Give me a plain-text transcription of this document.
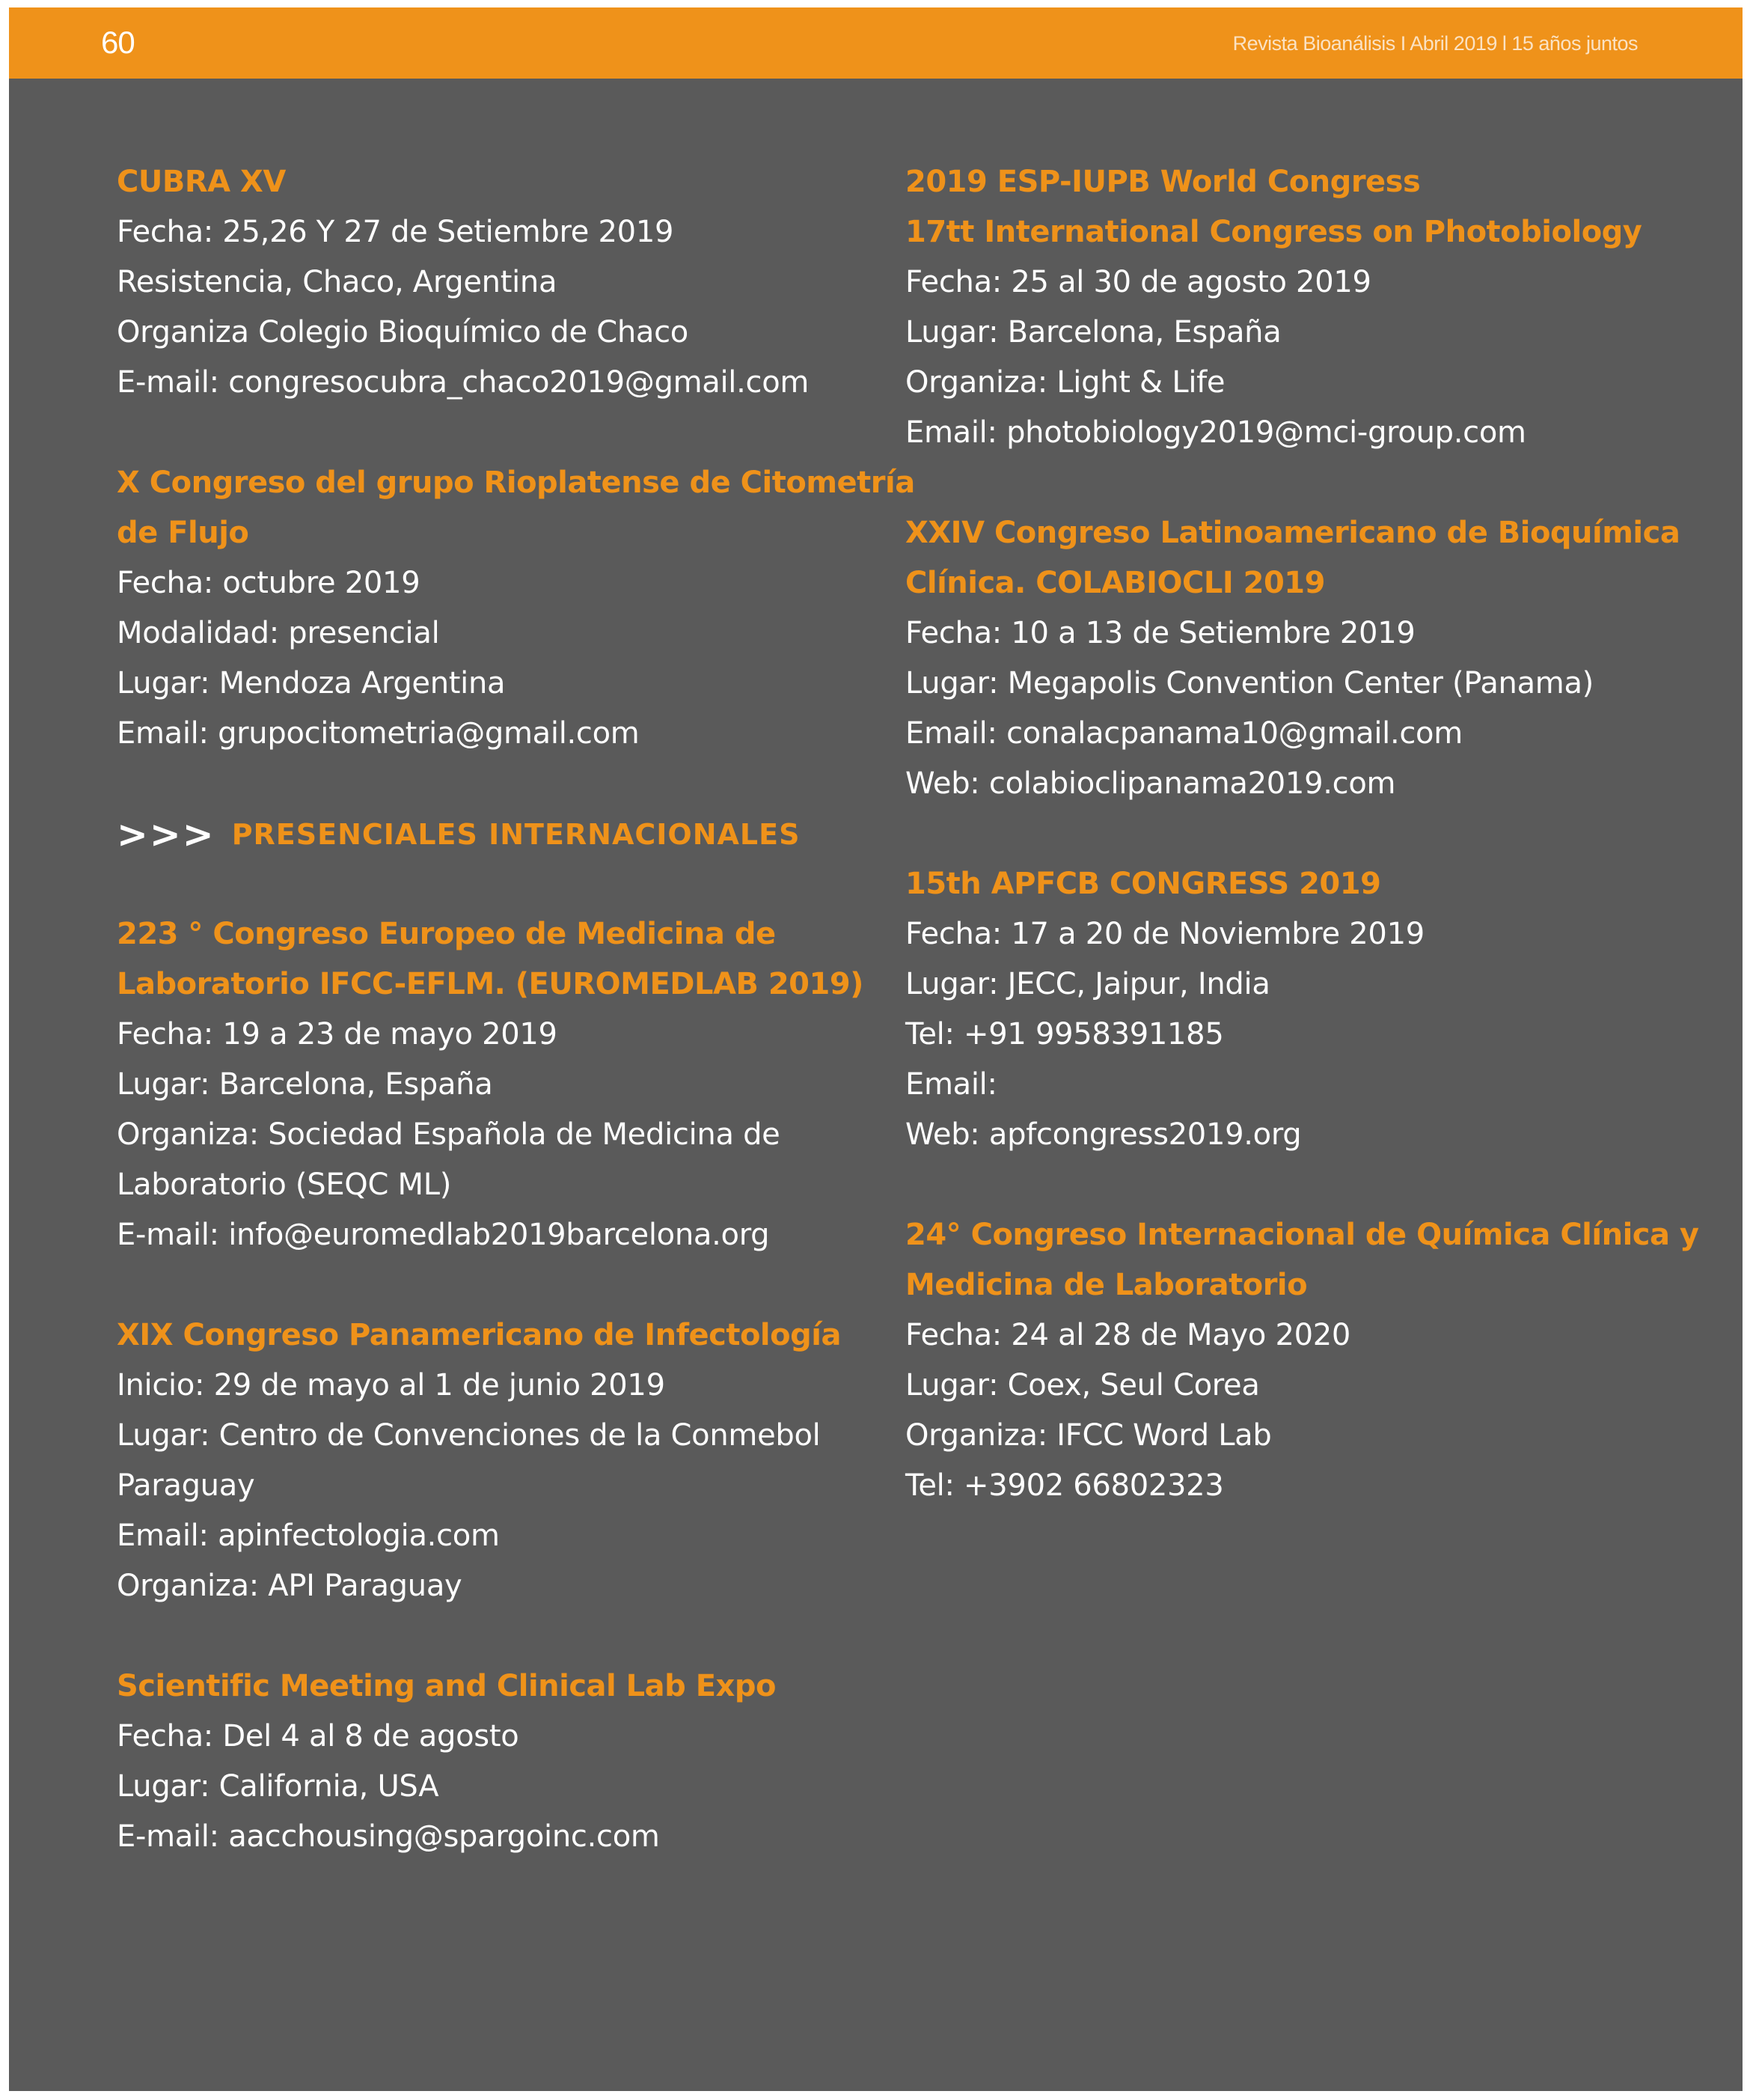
60	Revista Bioanálisis I Abril 2019 l 15 años juntos
CUBRA XV
Fecha: 25,26 Y 27 de Setiembre 2019
Resistencia, Chaco, Argentina
Organiza Colegio Bioquímico de Chaco
E-mail: congresocubra_chaco2019@gmail.com
X Congreso del grupo Rioplatense de Citometría
de Flujo
Fecha: octubre 2019
Modalidad: presencial
Lugar: Mendoza Argentina
Email: grupocitometria@gmail.com
>>> PRESENCIALES INTERNACIONALES
223 ° Congreso Europeo de Medicina de
Laboratorio IFCC-EFLM. (EUROMEDLAB 2019)
Fecha: 19 a 23 de mayo 2019
Lugar: Barcelona, España
Organiza: Sociedad Española de Medicina de
Laboratorio (SEQC ML)
E-mail: info@euromedlab2019barcelona.org
XIX Congreso Panamericano de Infectología
Inicio: 29 de mayo al 1 de junio 2019
Lugar: Centro de Convenciones de la Conmebol
Paraguay
Email: apinfectologia.com
Organiza: API Paraguay
Scientific Meeting and Clinical Lab Expo
Fecha: Del 4 al 8 de agosto
Lugar: California, USA
E-mail: aacchousing@spargoinc.com
2019 ESP-IUPB World Congress
17tt International Congress on Photobiology
Fecha: 25 al 30 de agosto 2019
Lugar: Barcelona, España
Organiza: Light & Life
Email: photobiology2019@mci-group.com
XXIV Congreso Latinoamericano de Bioquímica
Clínica. COLABIOCLI 2019
Fecha: 10 a 13 de Setiembre 2019
Lugar: Megapolis Convention Center (Panama)
Email: conalacpanama10@gmail.com
Web: colabioclipanama2019.com
15th APFCB CONGRESS 2019
Fecha: 17 a 20 de Noviembre 2019
Lugar: JECC, Jaipur, India
Tel: +91 9958391185
Email:
Web: apfcongress2019.org
24° Congreso Internacional de Química Clínica y
Medicina de Laboratorio
Fecha: 24 al 28 de Mayo 2020
Lugar: Coex, Seul Corea
Organiza: IFCC Word Lab
Tel: +3902 66802323
